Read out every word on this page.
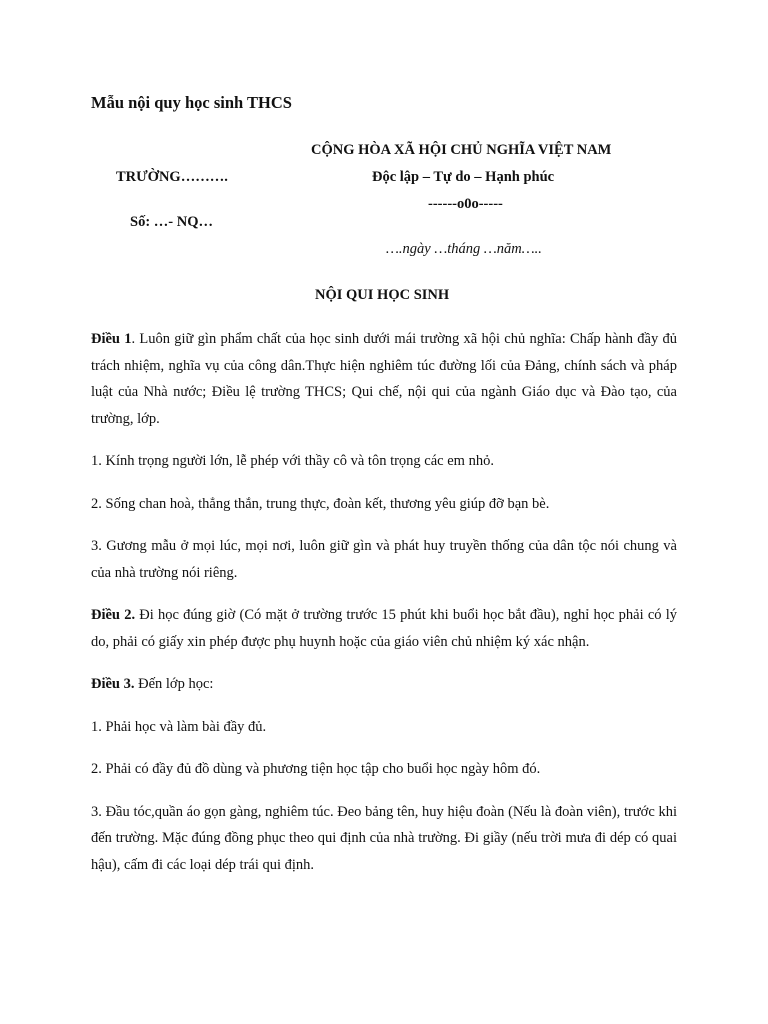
Mẫu nội quy học sinh THCS
CỘNG HÒA XÃ HỘI CHỦ NGHĨA VIỆT NAM
TRƯỜNG……….	Độc lập – Tự do – Hạnh phúc
------o0o-----
Số: …- NQ…
….ngày …tháng …năm…..
NỘI QUI HỌC SINH

Điều 1. Luôn giữ gìn phẩm chất của học sinh dưới mái trường xã hội chủ nghĩa: Chấp hành đầy đủ trách nhiệm, nghĩa vụ của công dân.Thực hiện nghiêm túc đường lối của Đảng, chính sách và pháp luật của Nhà nước; Điều lệ trường THCS; Qui chế, nội qui của ngành Giáo dục và Đào tạo, của trường, lớp.

1. Kính trọng người lớn, lễ phép với thầy cô và tôn trọng các em nhỏ.

2. Sống chan hoà, thẳng thắn, trung thực, đoàn kết, thương yêu giúp đỡ bạn bè.

3. Gương mẫu ở mọi lúc, mọi nơi, luôn giữ gìn và phát huy truyền thống của dân tộc nói chung và của nhà trường nói riêng.

Điều 2. Đi học đúng giờ (Có mặt ở trường trước 15 phút khi buổi học bắt đầu), nghỉ học phải có lý do, phải có giấy xin phép được phụ huynh hoặc của giáo viên chủ nhiệm ký xác nhận.

Điều 3. Đến lớp học:

1. Phải học và làm bài đầy đủ.

2. Phải có đầy đủ đồ dùng và phương tiện học tập cho buổi học ngày hôm đó.

3. Đầu tóc,quần áo gọn gàng, nghiêm túc. Đeo bảng tên, huy hiệu đoàn (Nếu là đoàn viên), trước khi đến trường. Mặc đúng đồng phục theo qui định của nhà trường. Đi giầy (nếu trời mưa đi dép có quai hậu), cấm đi các loại dép trái qui định.
